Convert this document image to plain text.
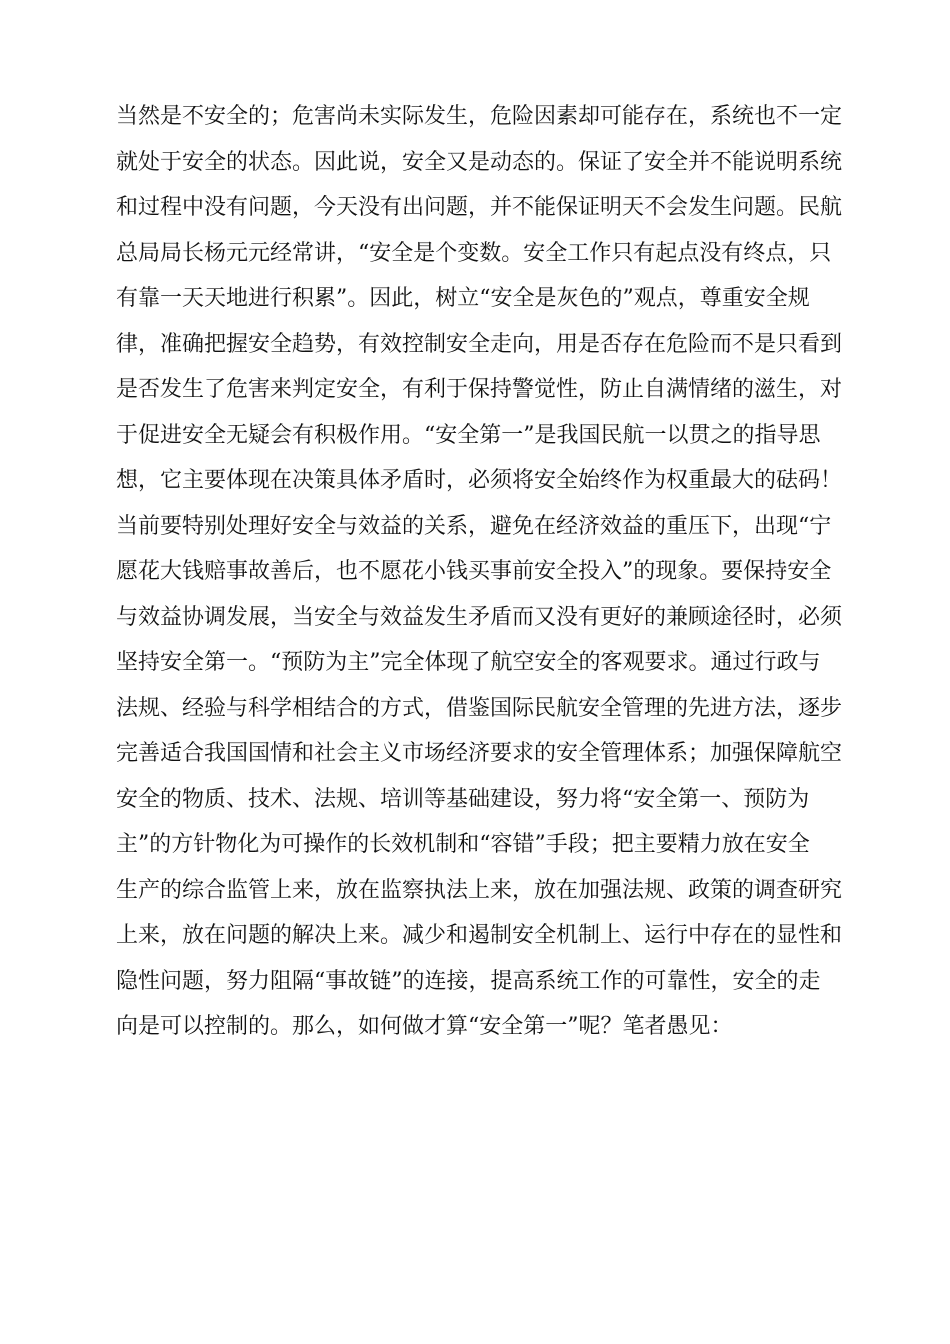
当然是不安全的；危害尚未实际发生，危险因素却可能存在，系统也不一定
就处于安全的状态。因此说，安全又是动态的。保证了安全并不能说明系统
和过程中没有问题，今天没有出问题，并不能保证明天不会发生问题。民航
总局局长杨元元经常讲，“安全是个变数。安全工作只有起点没有终点，只
有靠一天天地进行积累”。因此，树立“安全是灰色的”观点，尊重安全规
律，准确把握安全趋势，有效控制安全走向，用是否存在危险而不是只看到
是否发生了危害来判定安全，有利于保持警觉性，防止自满情绪的滋生，对
于促进安全无疑会有积极作用。“安全第一”是我国民航一以贯之的指导思
想，它主要体现在决策具体矛盾时，必须将安全始终作为权重最大的砝码！
当前要特别处理好安全与效益的关系，避免在经济效益的重压下，出现“宁
愿花大钱赔事故善后，也不愿花小钱买事前安全投入”的现象。要保持安全
与效益协调发展，当安全与效益发生矛盾而又没有更好的兼顾途径时，必须
坚持安全第一。“预防为主”完全体现了航空安全的客观要求。通过行政与
法规、经验与科学相结合的方式，借鉴国际民航安全管理的先进方法，逐步
完善适合我国国情和社会主义市场经济要求的安全管理体系；加强保障航空
安全的物质、技术、法规、培训等基础建设，努力将“安全第一、预防为
主”的方针物化为可操作的长效机制和“容错”手段；把主要精力放在安全
生产的综合监管上来，放在监察执法上来，放在加强法规、政策的调查研究
上来，放在问题的解决上来。减少和遏制安全机制上、运行中存在的显性和
隐性问题，努力阻隔“事故链”的连接，提高系统工作的可靠性，安全的走
向是可以控制的。那么，如何做才算“安全第一”呢？笔者愚见：
